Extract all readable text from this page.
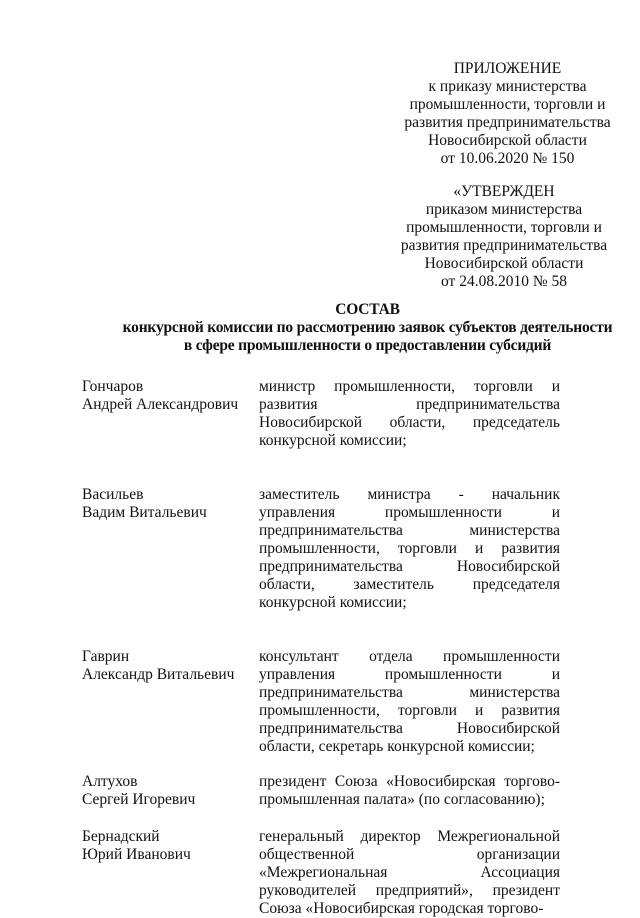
ПРИЛОЖЕНИЕ
к приказу министерства
промышленности, торговли и
развития предпринимательства
Новосибирской области
от 10.06.2020 № 150
«УТВЕРЖДЕН
приказом министерства
промышленности, торговли и
развития предпринимательства
Новосибирской области
от 24.08.2010 № 58
СОСТАВ
конкурсной комиссии по рассмотрению заявок субъектов деятельности
в сфере промышленности о предоставлении субсидий
Гончаров
Андрей Александрович
министр промышленности, торговли и развития предпринимательства Новосибирской области, председатель конкурсной комиссии;
Васильев
Вадим Витальевич
заместитель министра - начальник управления промышленности и предпринимательства министерства промышленности, торговли и развития предпринимательства Новосибирской области, заместитель председателя конкурсной комиссии;
Гаврин
Александр Витальевич
консультант отдела промышленности управления промышленности и предпринимательства министерства промышленности, торговли и развития предпринимательства Новосибирской области, секретарь конкурсной комиссии;
Алтухов
Сергей Игоревич
президент Союза «Новосибирская торгово-промышленная палата» (по согласованию);
Бернадский
Юрий Иванович
генеральный директор Межрегиональной общественной организации «Межрегиональная Ассоциация руководителей предприятий», президент Союза «Новосибирская городская торгово-
